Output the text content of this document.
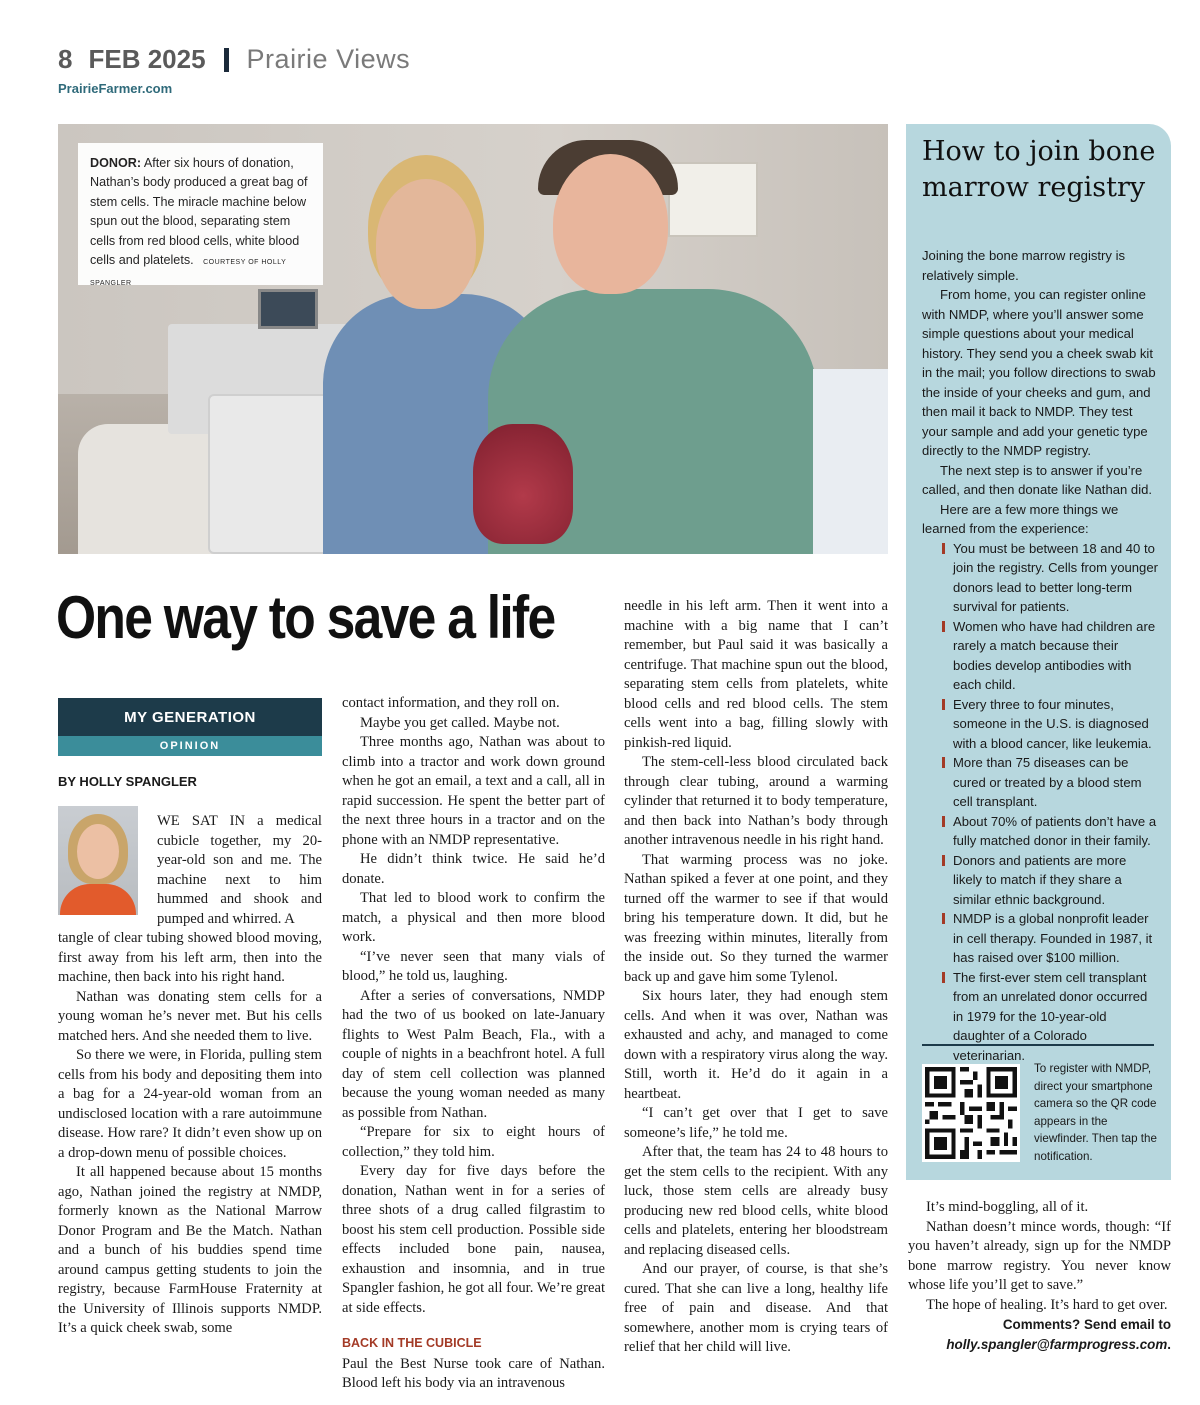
8 FEB 2025 Prairie Views
PrairieFarmer.com
DONOR: After six hours of donation, Nathan’s body produced a great bag of stem cells. The miracle machine below spun out the blood, separating stem cells from red blood cells, white blood cells and platelets. COURTESY OF HOLLY SPANGLER
One way to save a life
MY GENERATION
OPINION
BY HOLLY SPANGLER

WE SAT IN a medical cubicle together, my 20-year-old son and me. The machine next to him hummed and shook and pumped and whirred. A

tangle of clear tubing showed blood moving, first away from his left arm, then into the machine, then back into his right hand.

Nathan was donating stem cells for a young woman he’s never met. But his cells matched hers. And she needed them to live.

So there we were, in Florida, pulling stem cells from his body and depositing them into a bag for a 24-year-old woman from an undisclosed location with a rare autoimmune disease. How rare? It didn’t even show up on a drop-down menu of possible choices.

It all happened because about 15 months ago, Nathan joined the registry at NMDP, formerly known as the National Marrow Donor Program and Be the Match. Nathan and a bunch of his buddies spend time around campus getting students to join the registry, because FarmHouse Fraternity at the University of Illinois supports NMDP. It’s a quick cheek swab, some

contact information, and they roll on.

Maybe you get called. Maybe not.

Three months ago, Nathan was about to climb into a tractor and work down ground when he got an email, a text and a call, all in rapid succession. He spent the better part of the next three hours in a tractor and on the phone with an NMDP representative.

He didn’t think twice. He said he’d donate.

That led to blood work to confirm the match, a physical and then more blood work.

“I’ve never seen that many vials of blood,” he told us, laughing.

After a series of conversations, NMDP had the two of us booked on late-January flights to West Palm Beach, Fla., with a couple of nights in a beachfront hotel. A full day of stem cell collection was planned because the young woman needed as many as possible from Nathan.

“Prepare for six to eight hours of collection,” they told him.

Every day for five days before the donation, Nathan went in for a series of three shots of a drug called filgrastim to boost his stem cell production. Possible side effects included bone pain, nausea, exhaustion and insomnia, and in true Spangler fashion, he got all four. We’re great at side effects.

BACK IN THE CUBICLE

Paul the Best Nurse took care of Nathan. Blood left his body via an intravenous

needle in his left arm. Then it went into a machine with a big name that I can’t remember, but Paul said it was basically a centrifuge. That machine spun out the blood, separating stem cells from platelets, white blood cells and red blood cells. The stem cells went into a bag, filling slowly with pinkish-red liquid.

The stem-cell-less blood circulated back through clear tubing, around a warming cylinder that returned it to body temperature, and then back into Nathan’s body through another intravenous needle in his right hand.

That warming process was no joke. Nathan spiked a fever at one point, and they turned off the warmer to see if that would bring his temperature down. It did, but he was freezing within minutes, literally from the inside out. So they turned the warmer back up and gave him some Tylenol.

Six hours later, they had enough stem cells. And when it was over, Nathan was exhausted and achy, and managed to come down with a respiratory virus along the way. Still, worth it. He’d do it again in a heartbeat.

“I can’t get over that I get to save someone’s life,” he told me.

After that, the team has 24 to 48 hours to get the stem cells to the recipient. With any luck, those stem cells are already busy producing new red blood cells, white blood cells and platelets, entering her bloodstream and replacing diseased cells.

And our prayer, of course, is that she’s cured. That she can live a long, healthy life free of pain and disease. And that somewhere, another mom is crying tears of relief that her child will live.

It’s mind-boggling, all of it.

Nathan doesn’t mince words, though: “If you haven’t already, sign up for the NMDP bone marrow registry. You never know whose life you’ll get to save.”

The hope of healing. It’s hard to get over.

Comments? Send email to holly.spangler@farmprogress.com.

How to join bone marrow registry

Joining the bone marrow registry is relatively simple.

From home, you can register online with NMDP, where you’ll answer some simple questions about your medical history. They send you a cheek swab kit in the mail; you follow directions to swab the inside of your cheeks and gum, and then mail it back to NMDP. They test your sample and add your genetic type directly to the NMDP registry.

The next step is to answer if you’re called, and then donate like Nathan did.

Here are a few more things we learned from the experience:

You must be between 18 and 40 to join the registry. Cells from younger donors lead to better long-term survival for patients.
Women who have had children are rarely a match because their bodies develop antibodies with each child.
Every three to four minutes, someone in the U.S. is diagnosed with a blood cancer, like leukemia.
More than 75 diseases can be cured or treated by a blood stem cell transplant.
About 70% of patients don’t have a fully matched donor in their family.
Donors and patients are more likely to match if they share a similar ethnic background.
NMDP is a global nonprofit leader in cell therapy. Founded in 1987, it has raised over $100 million.
The first-ever stem cell transplant from an unrelated donor occurred in 1979 for the 10-year-old daughter of a Colorado veterinarian.
To register with NMDP, direct your smartphone camera so the QR code appears in the viewfinder. Then tap the notification.
